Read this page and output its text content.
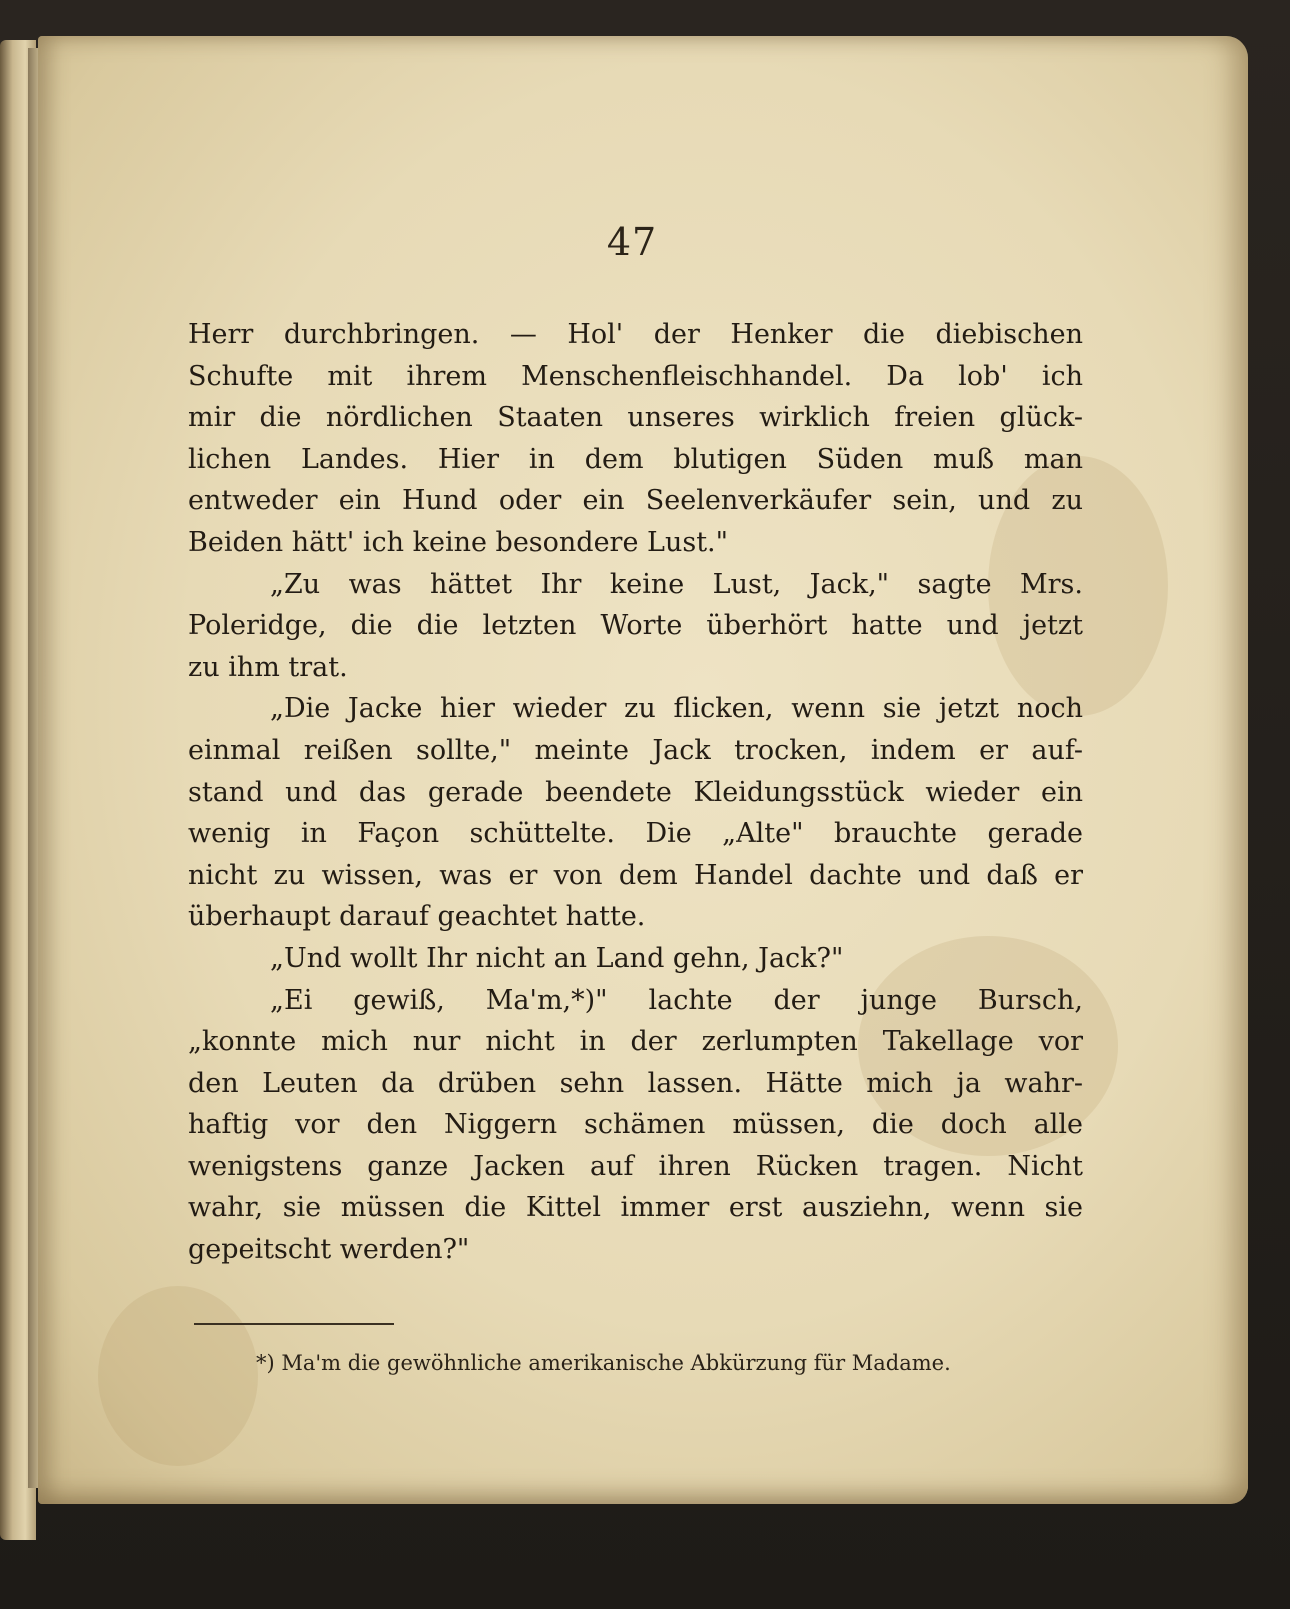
47
Herr durchbringen. — Hol' der Henker die diebischen
Schufte mit ihrem Menschenfleischhandel. Da lob' ich
mir die nördlichen Staaten unseres wirklich freien glück-
lichen Landes. Hier in dem blutigen Süden muß man
entweder ein Hund oder ein Seelenverkäufer sein, und zu
Beiden hätt' ich keine besondere Lust."
„Zu was hättet Ihr keine Lust, Jack," sagte Mrs.
Poleridge, die die letzten Worte überhört hatte und jetzt
zu ihm trat.
„Die Jacke hier wieder zu flicken, wenn sie jetzt noch
einmal reißen sollte," meinte Jack trocken, indem er auf-
stand und das gerade beendete Kleidungsstück wieder ein
wenig in Façon schüttelte. Die „Alte" brauchte gerade
nicht zu wissen, was er von dem Handel dachte und daß er
überhaupt darauf geachtet hatte.
„Und wollt Ihr nicht an Land gehn, Jack?"
„Ei gewiß, Ma'm,*)" lachte der junge Bursch,
„konnte mich nur nicht in der zerlumpten Takellage vor
den Leuten da drüben sehn lassen. Hätte mich ja wahr-
haftig vor den Niggern schämen müssen, die doch alle
wenigstens ganze Jacken auf ihren Rücken tragen. Nicht
wahr, sie müssen die Kittel immer erst ausziehn, wenn sie
gepeitscht werden?"
*) Ma'm die gewöhnliche amerikanische Abkürzung für Madame.
